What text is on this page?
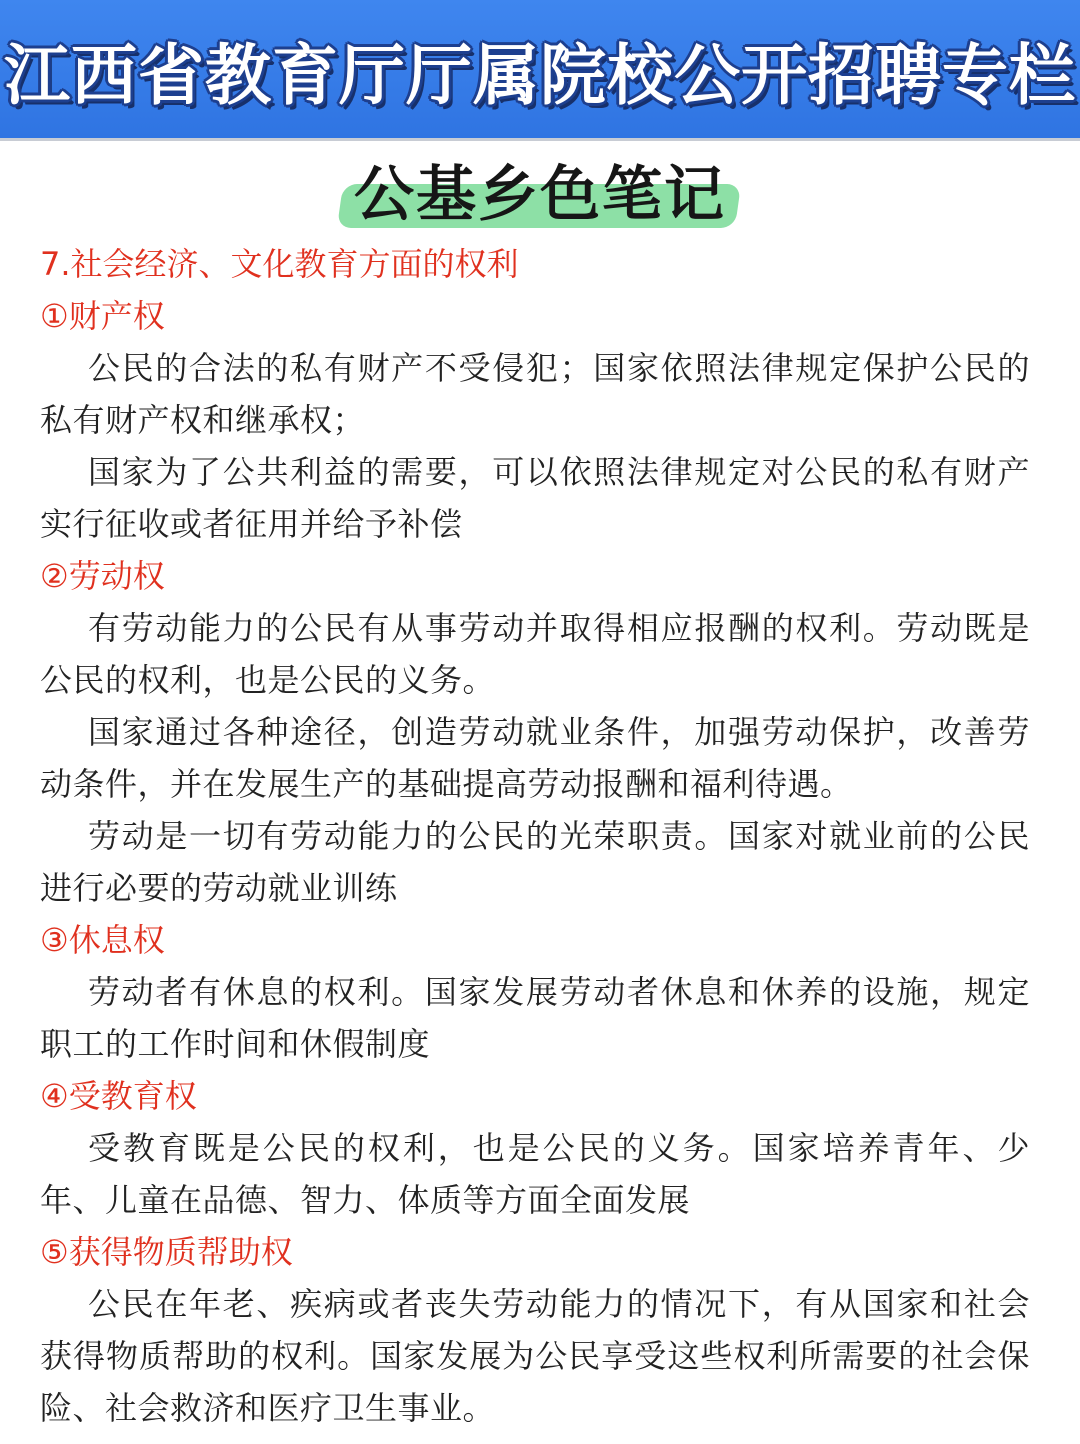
江西省教育厅厅属院校公开招聘专栏
公基乡色笔记

7.社会经济、文化教育方面的权利

①财产权

公民的合法的私有财产不受侵犯；国家依照法律规定保护公民的私有财产权和继承权；

国家为了公共利益的需要，可以依照法律规定对公民的私有财产实行征收或者征用并给予补偿

②劳动权

有劳动能力的公民有从事劳动并取得相应报酬的权利。劳动既是公民的权利，也是公民的义务。

国家通过各种途径，创造劳动就业条件，加强劳动保护，改善劳动条件，并在发展生产的基础提高劳动报酬和福利待遇。

劳动是一切有劳动能力的公民的光荣职责。国家对就业前的公民进行必要的劳动就业训练

③休息权

劳动者有休息的权利。国家发展劳动者休息和休养的设施，规定职工的工作时间和休假制度

④受教育权

受教育既是公民的权利，也是公民的义务。国家培养青年、少年、儿童在品德、智力、体质等方面全面发展

⑤获得物质帮助权

公民在年老、疾病或者丧失劳动能力的情况下，有从国家和社会获得物质帮助的权利。国家发展为公民享受这些权利所需要的社会保险、社会救济和医疗卫生事业。
